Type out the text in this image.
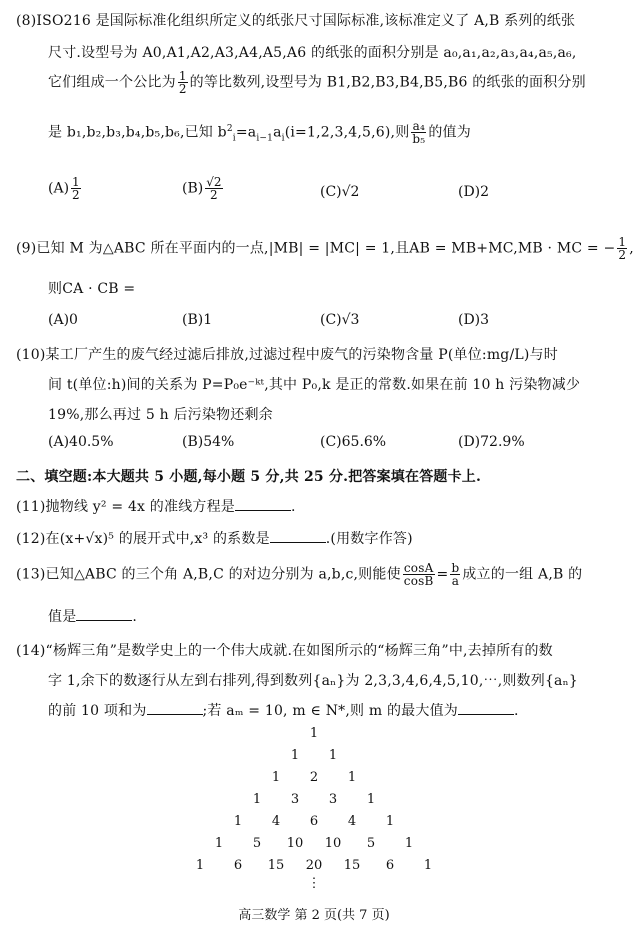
(8)ISO216 是国际标准化组织所定义的纸张尺寸国际标准,该标准定义了 A,B 系列的纸张
尺寸.设型号为 A0,A1,A2,A3,A4,A5,A6 的纸张的面积分别是 a₀,a₁,a₂,a₃,a₄,a₅,a₆,
它们组成一个公比为 $\frac{1}{2}$ 的等比数列,设型号为 B1,B2,B3,B4,B5,B6 的纸张的面积分别
是 b₁,b₂,b₃,b₄,b₅,b₆,已知 $b^2_i=a_{i-1}a_i(i=1,2,3,4,5,6)$,则 $\frac{\text{a₄}}{\text{b₅}}$ 的值为
$(A) \frac{1}{2}$	$(B) \frac{√2}{2}$	(C)√2	(D)2
(9)已知 M 为△ABC 所在平面内的一点,|MB| = |MC| = 1,且AB = MB+MC,MB · MC = − $\frac{1}{2}$ ,
则CA · CB =
(A)0	(B)1	(C)√3	(D)3
(10)某工厂产生的废气经过滤后排放,过滤过程中废气的污染物含量 P(单位:mg/L)与时
间 t(单位:h)间的关系为 P=P₀e⁻ᵏᵗ,其中 P₀,k 是正的常数.如果在前 10 h 污染物减少
19%,那么再过 5 h 后污染物还剩余
(A)40.5%	(B)54%	(C)65.6%	(D)72.9%
二、填空题:本大题共 5 小题,每小题 5 分,共 25 分.把答案填在答题卡上.
(11)抛物线 y² = 4x 的准线方程是	.
(12)在(x+√x)⁵ 的展开式中,x³ 的系数是	.(用数字作答)
(13)已知△ABC 的三个角 A,B,C 的对边分别为 a,b,c,则能使 $\frac{\cos A}{\cos B} = \frac{b}{a}$ 成立的一组 A,B 的
值是	.
(14)“杨辉三角”是数学史上的一个伟大成就.在如图所示的“杨辉三角”中,去掉所有的数
字 1,余下的数逐行从左到右排列,得到数列{aₙ}为 2,3,3,4,6,4,5,10,⋯,则数列{aₙ}
的前 10 项和为	;若 aₘ = 10, m ∈ N*,则 m 的最大值为	.
1
1 1
1 2 1
1 3 3 1
1 4 6 4 1
1 5 10 10 5 1
1 6 15 20 15 6 1
⋮
高三数学 第 2 页(共 7 页)
